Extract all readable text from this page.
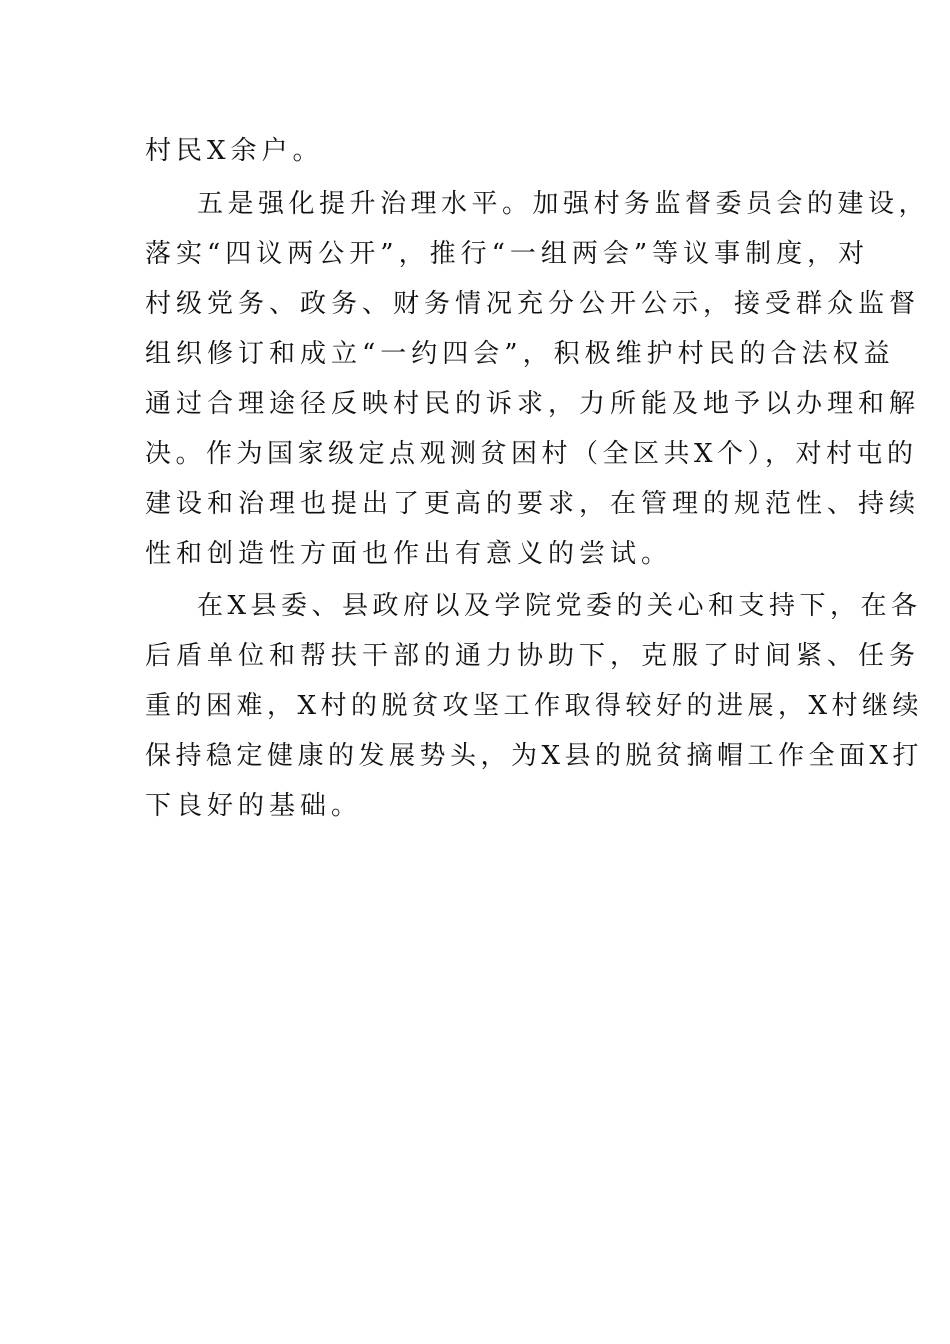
村民X余户。
五是强化提升治理水平。加强村务监督委员会的建设，
落实“四议两公开”，推行“一组两会”等议事制度，对
村级党务、政务、财务情况充分公开公示，接受群众监督
组织修订和成立“一约四会”，积极维护村民的合法权益
通过合理途径反映村民的诉求，力所能及地予以办理和解
决。作为国家级定点观测贫困村（全区共X个），对村屯的
建设和治理也提出了更高的要求，在管理的规范性、持续
性和创造性方面也作出有意义的尝试。
在X县委、县政府以及学院党委的关心和支持下，在各
后盾单位和帮扶干部的通力协助下，克服了时间紧、任务
重的困难，X村的脱贫攻坚工作取得较好的进展，X村继续
保持稳定健康的发展势头，为X县的脱贫摘帽工作全面X打
下良好的基础。
